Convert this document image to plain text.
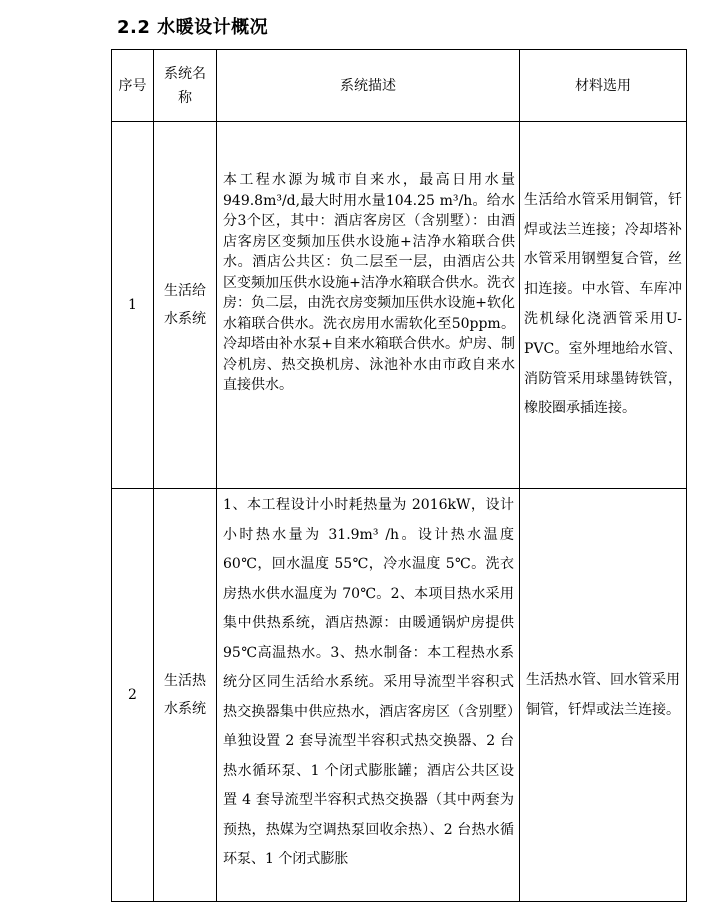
2.2 水暖设计概况
序号	系统名称	系统描述	材料选用
1	生活给水系统	本工程水源为城市自来水，最高日用水量949.8m³/d,最大时用水量104.25 m³/h。给水分3个区，其中：酒店客房区（含别墅）：由酒店客房区变频加压供水设施+洁净水箱联合供水。酒店公共区：负二层至一层，由酒店公共区变频加压供水设施+洁净水箱联合供水。洗衣房：负二层，由洗衣房变频加压供水设施+软化水箱联合供水。洗衣房用水需软化至50ppm。冷却塔由补水泵+自来水箱联合供水。炉房、制冷机房、热交换机房、泳池补水由市政自来水直接供水。	生活给水管采用铜管，钎焊或法兰连接；冷却塔补水管采用钢塑复合管，丝扣连接。中水管、车库冲洗机绿化浇洒管采用U-PVC。室外埋地给水管、消防管采用球墨铸铁管，橡胶圈承插连接。
2	生活热水系统	1、本工程设计小时耗热量为 2016kW，设计小时热水量为 31.9m³ /h。设计热水温度60℃，回水温度 55℃，冷水温度 5℃。洗衣房热水供水温度为 70℃。2、本项目热水采用集中供热系统，酒店热源：由暖通锅炉房提供 95℃高温热水。3、热水制备：本工程热水系统分区同生活给水系统。采用导流型半容积式热交换器集中供应热水，酒店客房区（含别墅）单独设置 2 套导流型半容积式热交换器、2 台热水循环泵、1 个闭式膨胀罐；酒店公共区设置 4 套导流型半容积式热交换器（其中两套为预热，热媒为空调热泵回收余热）、2 台热水循环泵、1 个闭式膨胀	生活热水管、回水管采用铜管，钎焊或法兰连接。
